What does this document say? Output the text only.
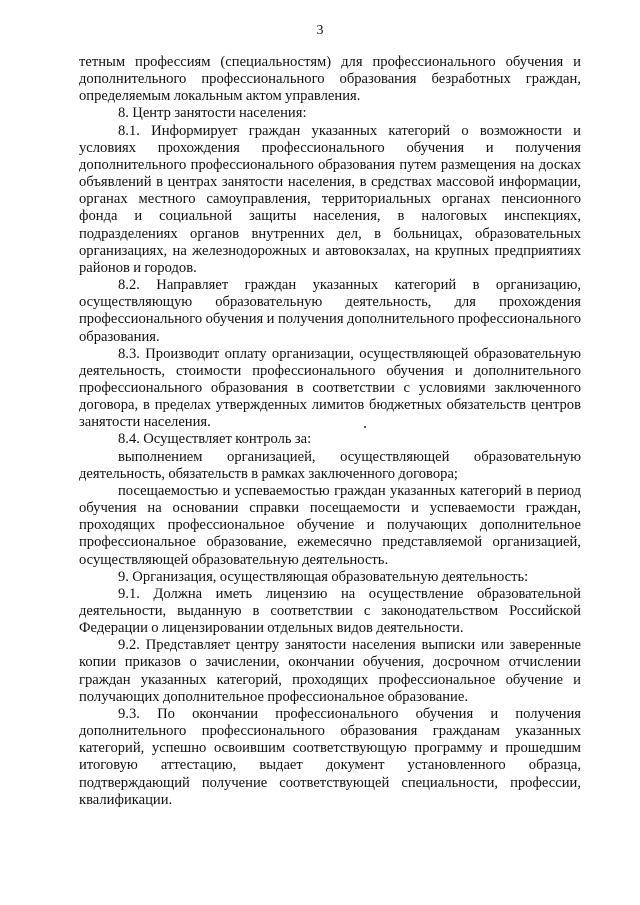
3

тетным профессиям (специальностям) для профессионального обучения и дополнительного профессионального образования безработных граждан, определяемым локальным актом управления.

8. Центр занятости населения:

8.1. Информирует граждан указанных категорий о возможности и условиях прохождения профессионального обучения и получения дополнительного профессионального образования путем размещения на досках объявлений в центрах занятости населения, в средствах массовой информации, органах местного самоуправления, территориальных органах пенсионного фонда и социальной защиты населения, в налоговых инспекциях, подразделениях органов внутренних дел, в больницах, образовательных организациях, на железнодорожных и автовокзалах, на крупных предприятиях районов и городов.

8.2. Направляет граждан указанных категорий в организацию, осуществляющую образовательную деятельность, для прохождения профессионального обучения и получения дополнительного профессионального образования.

8.3. Производит оплату организации, осуществляющей образовательную деятельность, стоимости профессионального обучения и дополнительного профессионального образования в соответствии с условиями заключенного договора, в пределах утвержденных лимитов бюджетных обязательств центров занятости населения.

8.4. Осуществляет контроль за:

выполнением организацией, осуществляющей образовательную деятельность, обязательств в рамках заключенного договора;

посещаемостью и успеваемостью граждан указанных категорий в период обучения на основании справки посещаемости и успеваемости граждан, проходящих профессиональное обучение и получающих дополнительное профессиональное образование, ежемесячно представляемой организацией, осуществляющей образовательную деятельность.

9. Организация, осуществляющая образовательную деятельность:

9.1. Должна иметь лицензию на осуществление образовательной деятельности, выданную в соответствии с законодательством Российской Федерации о лицензировании отдельных видов деятельности.

9.2. Представляет центру занятости населения выписки или заверенные копии приказов о зачислении, окончании обучения, досрочном отчислении граждан указанных категорий, проходящих профессиональное обучение и получающих дополнительное профессиональное образование.

9.3. По окончании профессионального обучения и получения дополнительного профессионального образования гражданам указанных категорий, успешно освоившим соответствующую программу и прошедшим итоговую аттестацию, выдает документ установленного образца, подтверждающий получение соответствующей специальности, профессии, квалификации.
